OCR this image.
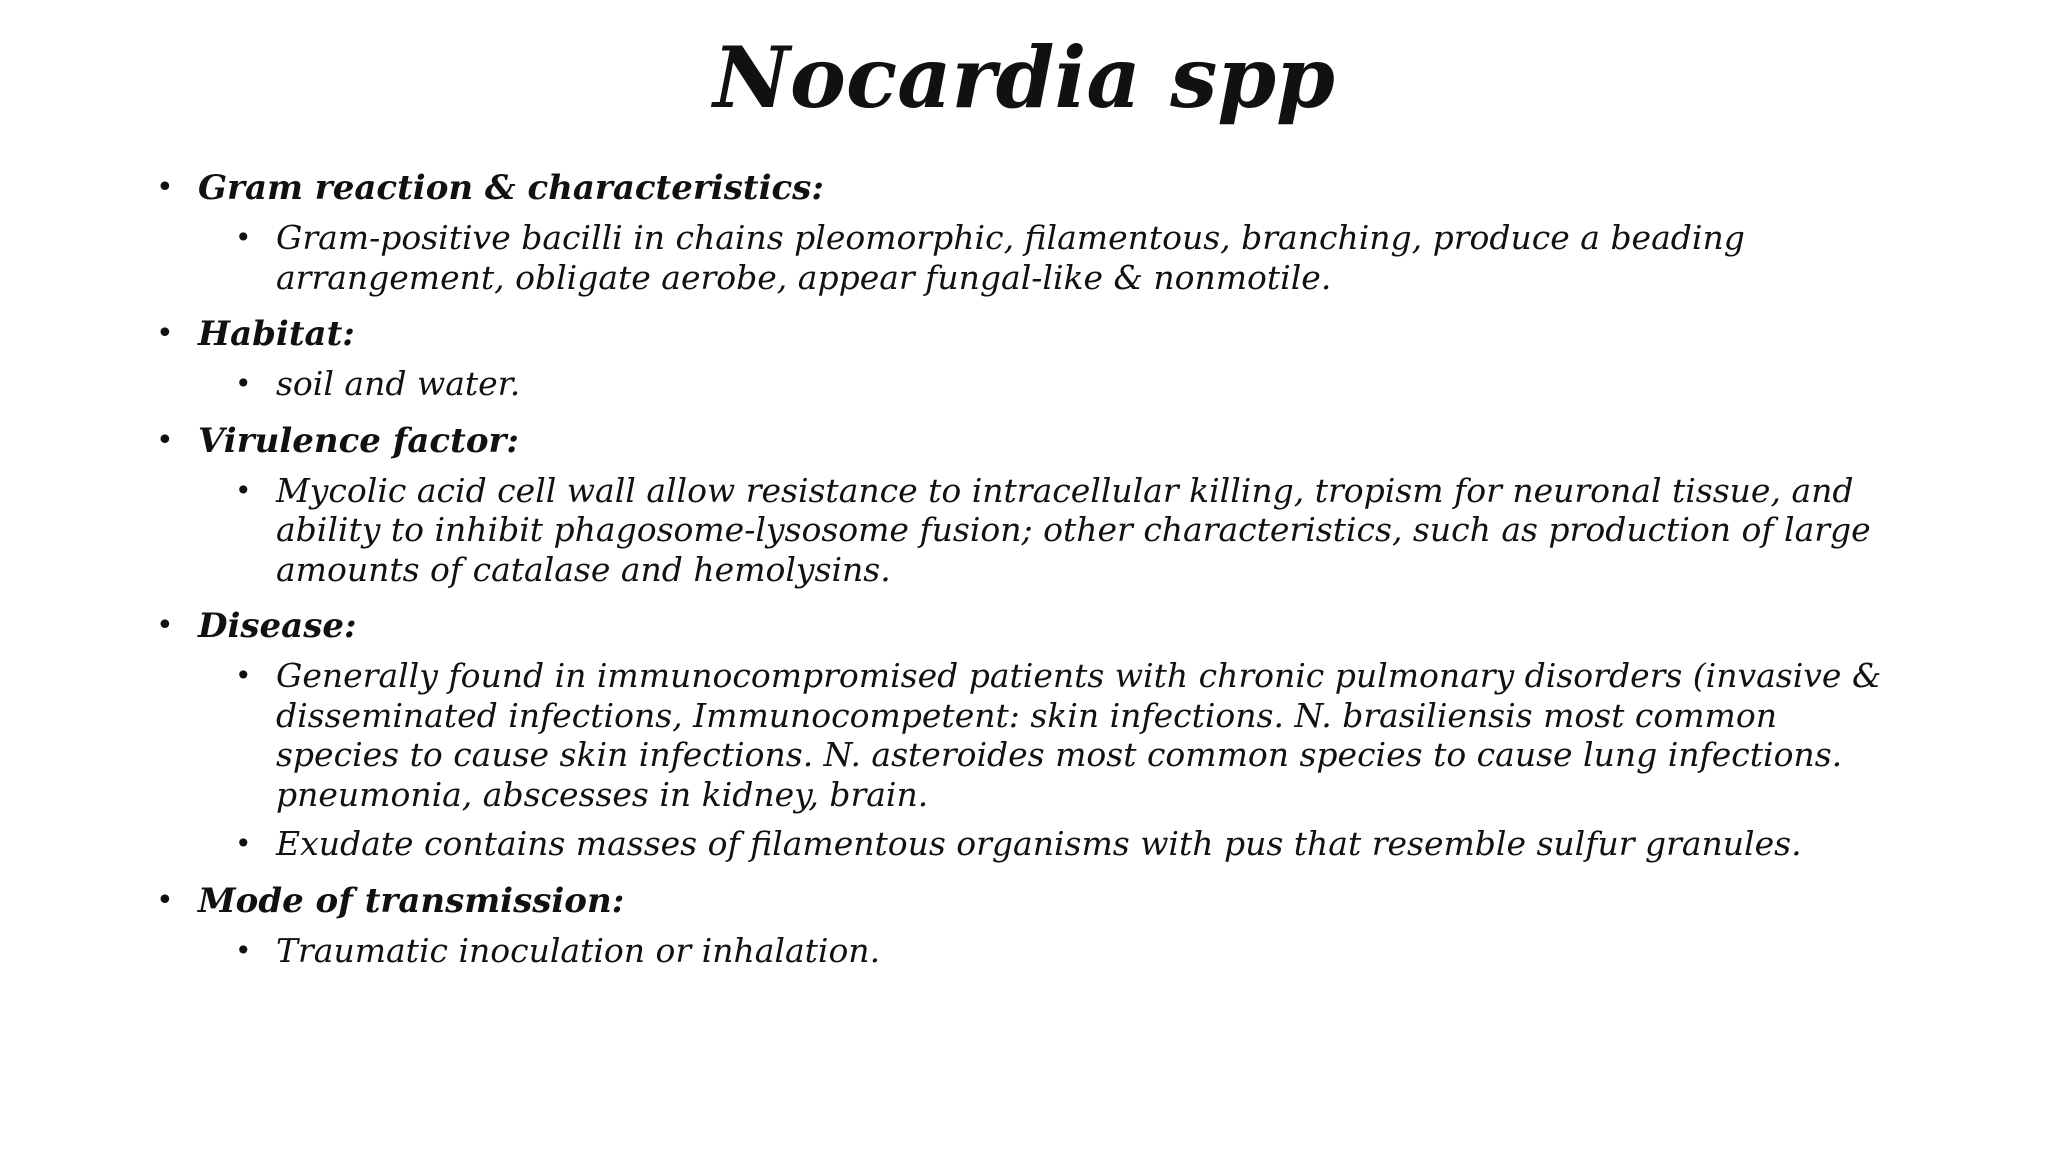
Nocardia spp
• Gram reaction & characteristics:
• Gram-positive bacilli in chains pleomorphic, filamentous, branching, produce a beading arrangement, obligate aerobe, appear fungal-like & nonmotile.
• Habitat:
• soil and water.
• Virulence factor:
• Mycolic acid cell wall allow resistance to intracellular killing, tropism for neuronal tissue, and ability to inhibit phagosome-lysosome fusion; other characteristics, such as production of large amounts of catalase and hemolysins.
• Disease:
• Generally found in immunocompromised patients with chronic pulmonary disorders (invasive & disseminated infections, Immunocompetent: skin infections. N. brasiliensis most common species to cause skin infections. N. asteroides most common species to cause lung infections. pneumonia, abscesses in kidney, brain.
• Exudate contains masses of filamentous organisms with pus that resemble sulfur granules.
• Mode of transmission:
• Traumatic inoculation or inhalation.
